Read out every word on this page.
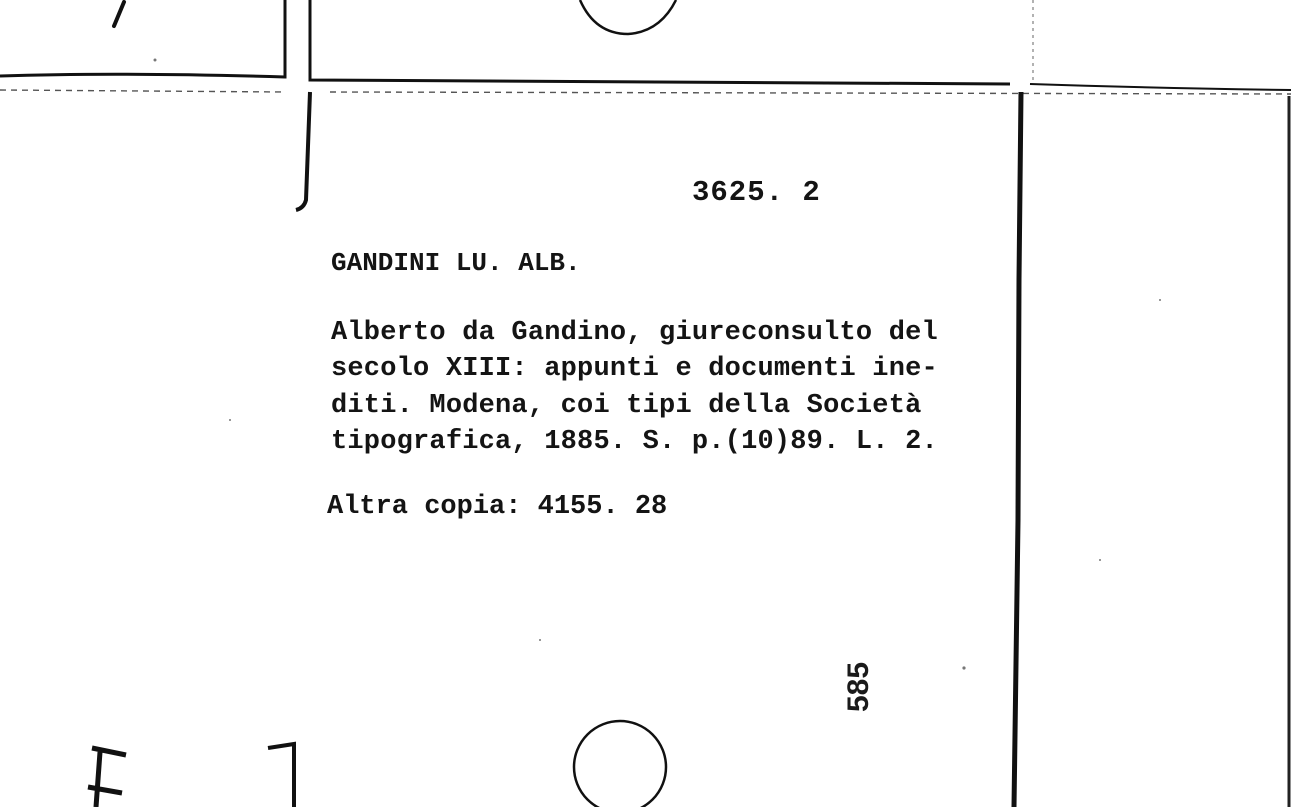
3625. 2
GANDINI LU. ALB.
Alberto da Gandino, giureconsulto del
secolo XIII: appunti e documenti ine-
diti. Modena, coi tipi della Società
tipografica, 1885. S. p.(10)89. L. 2.
Altra copia: 4155. 28
585
